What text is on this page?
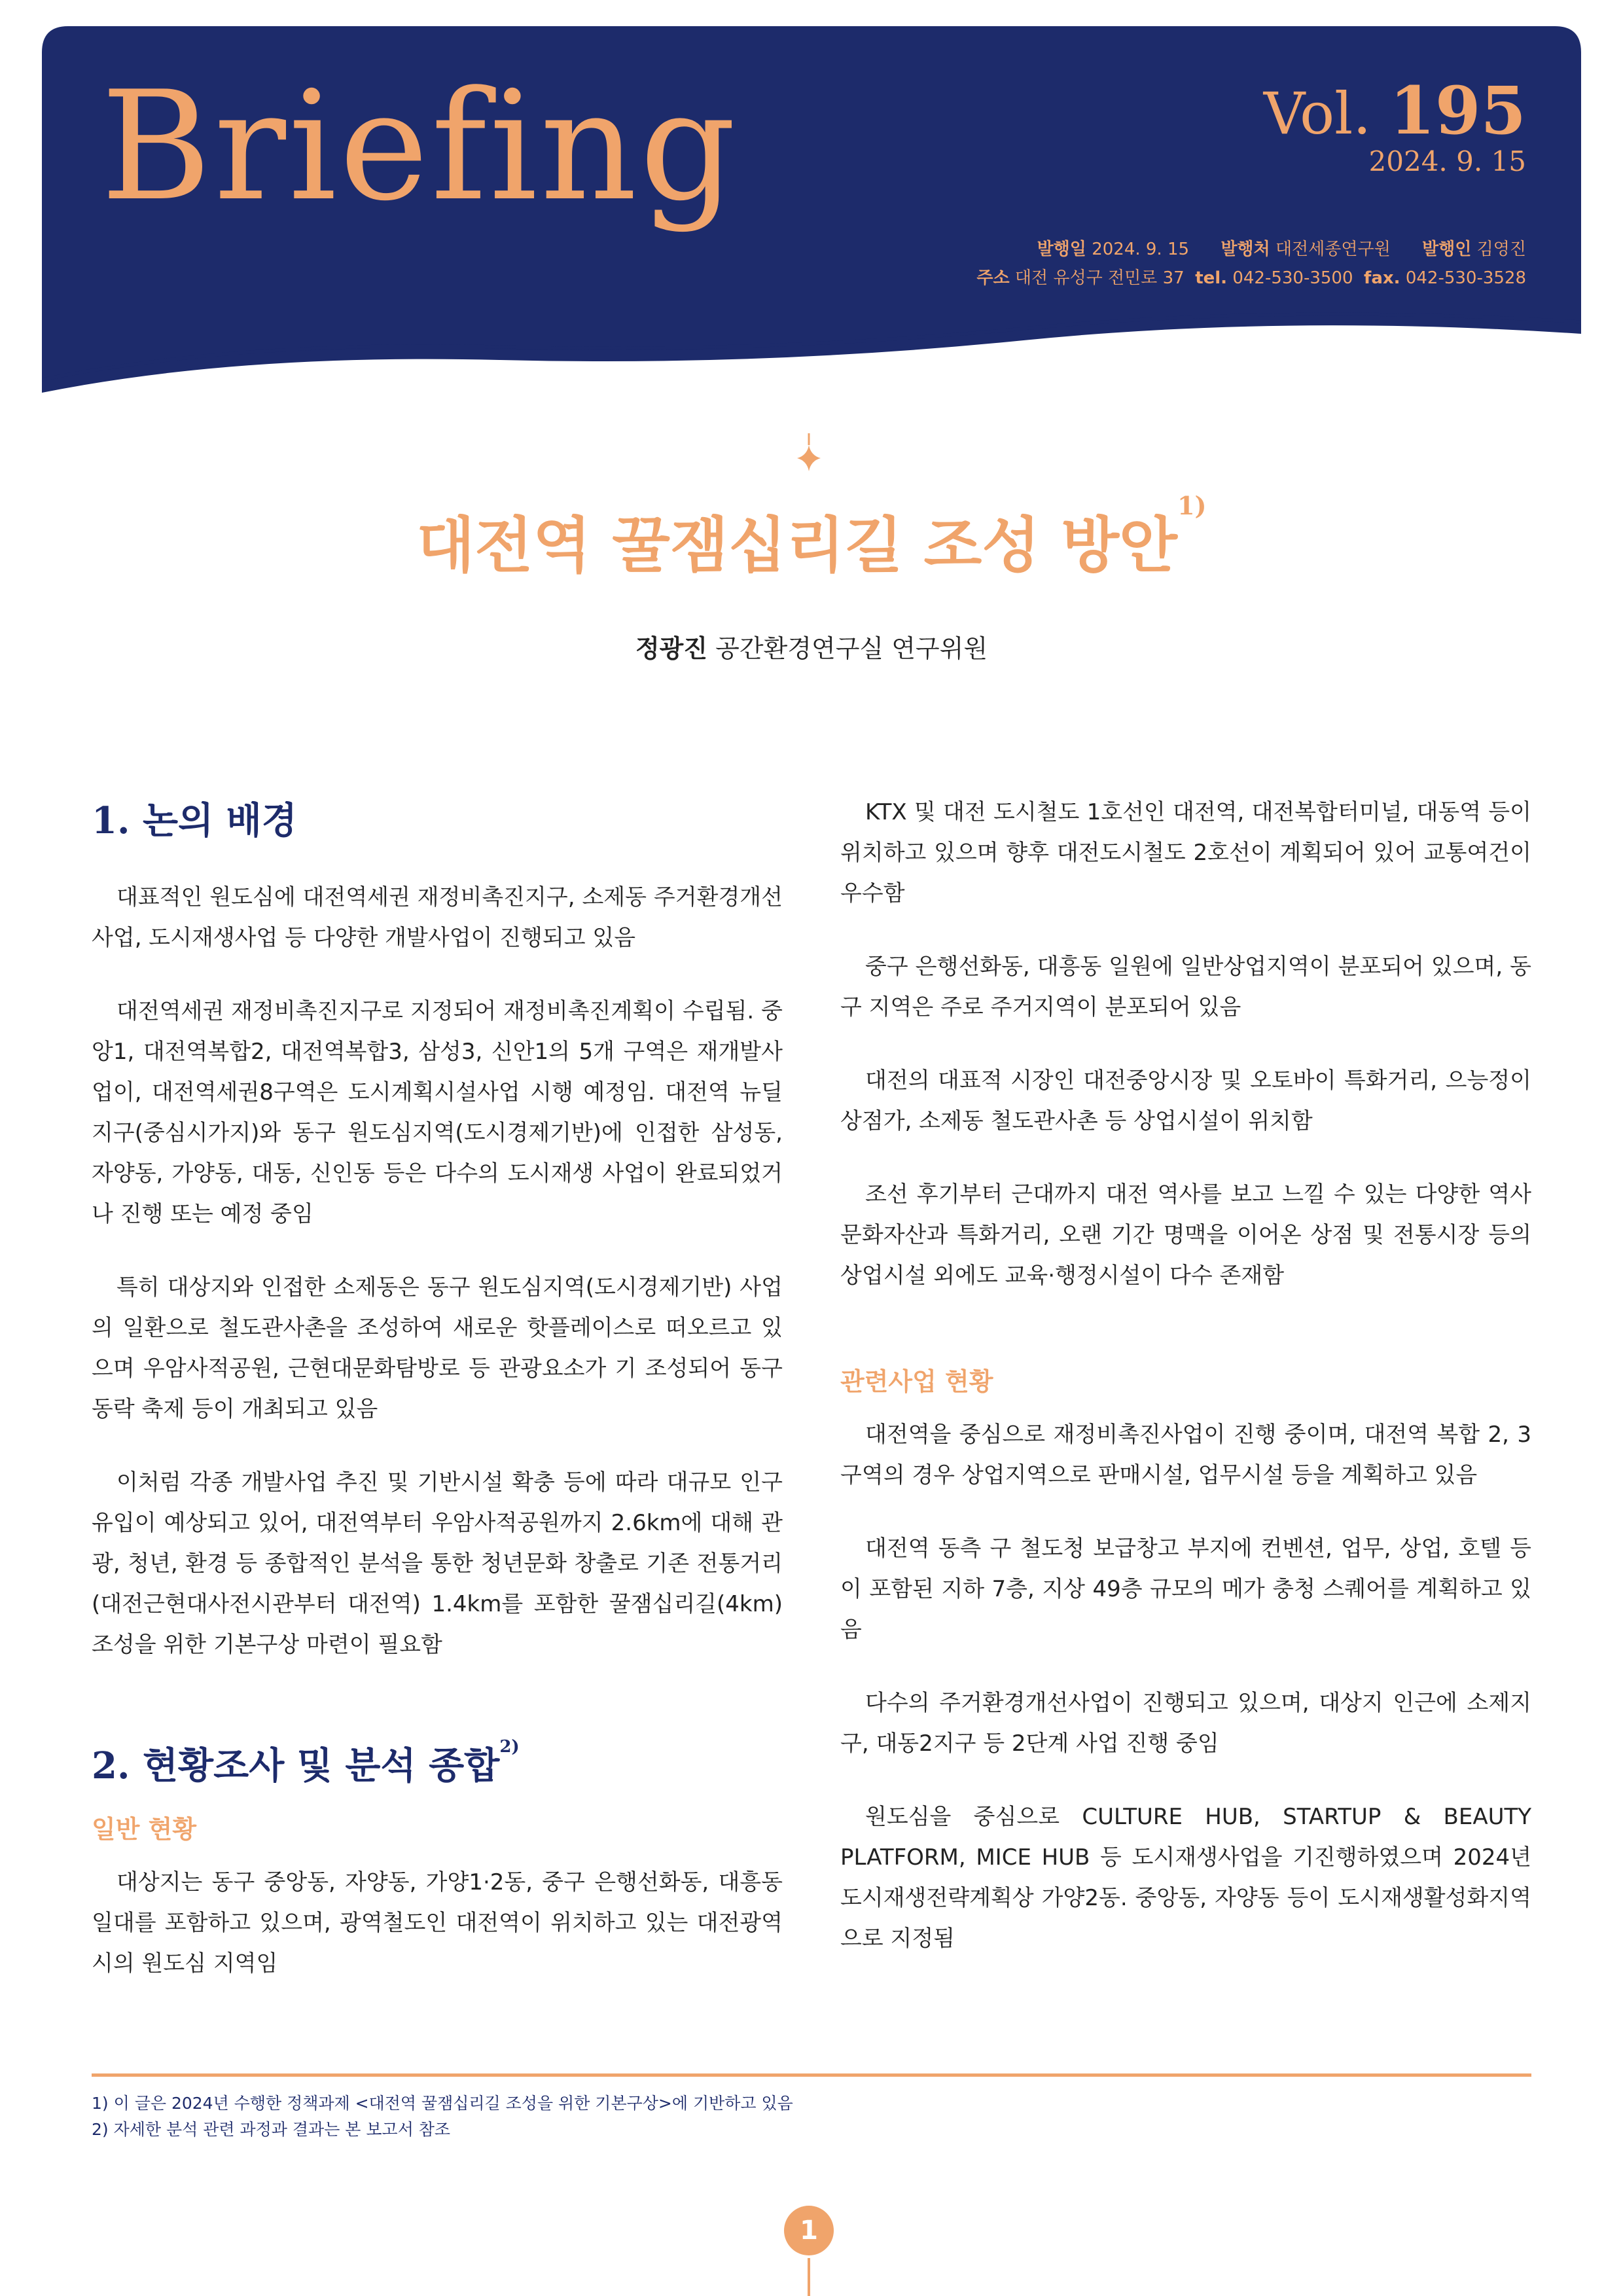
Briefing	Vol. 195
2024. 9. 15
발행일 2024. 9. 15 발행처 대전세종연구원 발행인 김영진
주소 대전 유성구 전민로 37 tel. 042-530-3500 fax. 042-530-3528
대전역 꿀잼십리길 조성 방안$^{1)}$
정광진 공간환경연구실 연구위원
1. 논의 배경

대표적인 원도심에 대전역세권 재정비촉진지구, 소제동 주거환경개선사업, 도시재생사업 등 다양한 개발사업이 진행되고 있음

대전역세권 재정비촉진지구로 지정되어 재정비촉진계획이 수립됨. 중앙1, 대전역복합2, 대전역복합3, 삼성3, 신안1의 5개 구역은 재개발사업이, 대전역세권8구역은 도시계획시설사업 시행 예정임. 대전역 뉴딜지구(중심시가지)와 동구 원도심지역(도시경제기반)에 인접한 삼성동, 자양동, 가양동, 대동, 신인동 등은 다수의 도시재생 사업이 완료되었거나 진행 또는 예정 중임

특히 대상지와 인접한 소제동은 동구 원도심지역(도시경제기반) 사업의 일환으로 철도관사촌을 조성하여 새로운 핫플레이스로 떠오르고 있으며 우암사적공원, 근현대문화탐방로 등 관광요소가 기 조성되어 동구동락 축제 등이 개최되고 있음

이처럼 각종 개발사업 추진 및 기반시설 확충 등에 따라 대규모 인구유입이 예상되고 있어, 대전역부터 우암사적공원까지 2.6km에 대해 관광, 청년, 환경 등 종합적인 분석을 통한 청년문화 창출로 기존 전통거리(대전근현대사전시관부터 대전역) 1.4km를 포함한 꿀잼십리길(4km) 조성을 위한 기본구상 마련이 필요함

2. 현황조사 및 분석 종합$^{2)}$
일반 현황

대상지는 동구 중앙동, 자양동, 가양1·2동, 중구 은행선화동, 대흥동 일대를 포함하고 있으며, 광역철도인 대전역이 위치하고 있는 대전광역시의 원도심 지역임

KTX 및 대전 도시철도 1호선인 대전역, 대전복합터미널, 대동역 등이 위치하고 있으며 향후 대전도시철도 2호선이 계획되어 있어 교통여건이 우수함

중구 은행선화동, 대흥동 일원에 일반상업지역이 분포되어 있으며, 동구 지역은 주로 주거지역이 분포되어 있음

대전의 대표적 시장인 대전중앙시장 및 오토바이 특화거리, 으능정이 상점가, 소제동 철도관사촌 등 상업시설이 위치함

조선 후기부터 근대까지 대전 역사를 보고 느낄 수 있는 다양한 역사문화자산과 특화거리, 오랜 기간 명맥을 이어온 상점 및 전통시장 등의 상업시설 외에도 교육·행정시설이 다수 존재함

관련사업 현황

대전역을 중심으로 재정비촉진사업이 진행 중이며, 대전역 복합 2, 3구역의 경우 상업지역으로 판매시설, 업무시설 등을 계획하고 있음

대전역 동측 구 철도청 보급창고 부지에 컨벤션, 업무, 상업, 호텔 등이 포함된 지하 7층, 지상 49층 규모의 메가 충청 스퀘어를 계획하고 있음

다수의 주거환경개선사업이 진행되고 있으며, 대상지 인근에 소제지구, 대동2지구 등 2단계 사업 진행 중임

원도심을 중심으로 CULTURE HUB, STARTUP & BEAUTY PLATFORM, MICE HUB 등 도시재생사업을 기진행하였으며 2024년 도시재생전략계획상 가양2동. 중앙동, 자양동 등이 도시재생활성화지역으로 지정됨

1) 이 글은 2024년 수행한 정책과제 <대전역 꿀잼십리길 조성을 위한 기본구상>에 기반하고 있음
2) 자세한 분석 관련 과정과 결과는 본 보고서 참조
1
